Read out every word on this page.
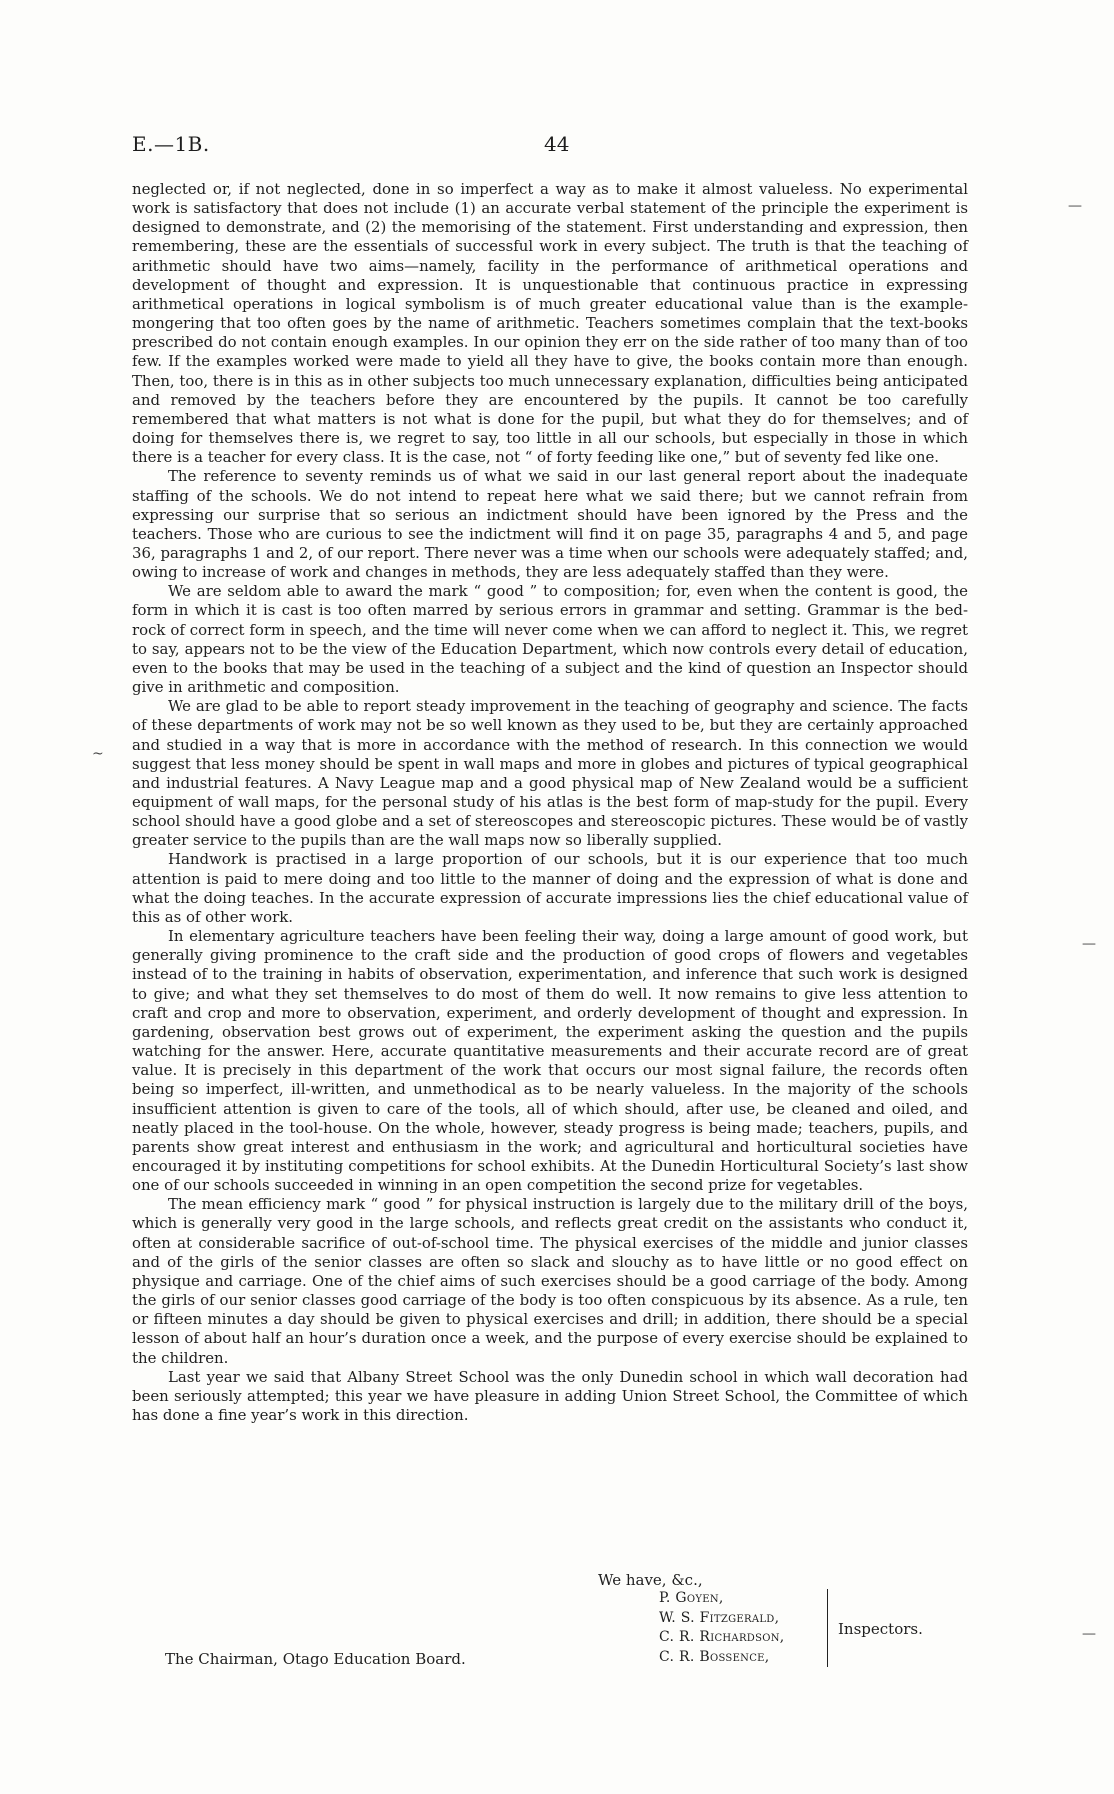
E.—1B.	44

neglected or, if not neglected, done in so imperfect a way as to make it almost valueless. No experimental work is satisfactory that does not include (1) an accurate verbal statement of the principle the experiment is designed to demonstrate, and (2) the memorising of the statement. First understanding and expression, then remembering, these are the essentials of successful work in every subject. The truth is that the teaching of arithmetic should have two aims—namely, facility in the performance of arithmetical operations and development of thought and expression. It is unquestionable that continuous practice in expressing arithmetical operations in logical symbolism is of much greater educational value than is the example-mongering that too often goes by the name of arithmetic. Teachers sometimes complain that the text-books prescribed do not contain enough examples. In our opinion they err on the side rather of too many than of too few. If the examples worked were made to yield all they have to give, the books contain more than enough. Then, too, there is in this as in other subjects too much unnecessary explanation, difficulties being anticipated and removed by the teachers before they are encountered by the pupils. It cannot be too carefully remembered that what matters is not what is done for the pupil, but what they do for themselves; and of doing for themselves there is, we regret to say, too little in all our schools, but especially in those in which there is a teacher for every class. It is the case, not “ of forty feeding like one,” but of seventy fed like one.

The reference to seventy reminds us of what we said in our last general report about the inadequate staffing of the schools. We do not intend to repeat here what we said there; but we cannot refrain from expressing our surprise that so serious an indictment should have been ignored by the Press and the teachers. Those who are curious to see the indictment will find it on page 35, paragraphs 4 and 5, and page 36, paragraphs 1 and 2, of our report. There never was a time when our schools were adequately staffed; and, owing to increase of work and changes in methods, they are less adequately staffed than they were.

We are seldom able to award the mark “ good ” to composition; for, even when the content is good, the form in which it is cast is too often marred by serious errors in grammar and setting. Grammar is the bed-rock of correct form in speech, and the time will never come when we can afford to neglect it. This, we regret to say, appears not to be the view of the Education Department, which now controls every detail of education, even to the books that may be used in the teaching of a subject and the kind of question an Inspector should give in arithmetic and composition.

We are glad to be able to report steady improvement in the teaching of geography and science. The facts of these departments of work may not be so well known as they used to be, but they are certainly approached and studied in a way that is more in accordance with the method of research. In this connection we would suggest that less money should be spent in wall maps and more in globes and pictures of typical geographical and industrial features. A Navy League map and a good physical map of New Zealand would be a sufficient equipment of wall maps, for the personal study of his atlas is the best form of map-study for the pupil. Every school should have a good globe and a set of stereoscopes and stereoscopic pictures. These would be of vastly greater service to the pupils than are the wall maps now so liberally supplied.

Handwork is practised in a large proportion of our schools, but it is our experience that too much attention is paid to mere doing and too little to the manner of doing and the expression of what is done and what the doing teaches. In the accurate expression of accurate impressions lies the chief educational value of this as of other work.

In elementary agriculture teachers have been feeling their way, doing a large amount of good work, but generally giving prominence to the craft side and the production of good crops of flowers and vegetables instead of to the training in habits of observation, experimentation, and inference that such work is designed to give; and what they set themselves to do most of them do well. It now remains to give less attention to craft and crop and more to observation, experiment, and orderly development of thought and expression. In gardening, observation best grows out of experiment, the experiment asking the question and the pupils watching for the answer. Here, accurate quantitative measurements and their accurate record are of great value. It is precisely in this department of the work that occurs our most signal failure, the records often being so imperfect, ill-written, and unmethodical as to be nearly valueless. In the majority of the schools insufficient attention is given to care of the tools, all of which should, after use, be cleaned and oiled, and neatly placed in the tool-house. On the whole, however, steady progress is being made; teachers, pupils, and parents show great interest and enthusiasm in the work; and agricultural and horticultural societies have encouraged it by instituting competitions for school exhibits. At the Dunedin Horticultural Society’s last show one of our schools succeeded in winning in an open competition the second prize for vegetables.

The mean efficiency mark “ good ” for physical instruction is largely due to the military drill of the boys, which is generally very good in the large schools, and reflects great credit on the assistants who conduct it, often at considerable sacrifice of out-of-school time. The physical exercises of the middle and junior classes and of the girls of the senior classes are often so slack and slouchy as to have little or no good effect on physique and carriage. One of the chief aims of such exercises should be a good carriage of the body. Among the girls of our senior classes good carriage of the body is too often conspicuous by its absence. As a rule, ten or fifteen minutes a day should be given to physical exercises and drill; in addition, there should be a special lesson of about half an hour’s duration once a week, and the purpose of every exercise should be explained to the children.

Last year we said that Albany Street School was the only Dunedin school in which wall decoration had been seriously attempted; this year we have pleasure in adding Union Street School, the Committee of which has done a fine year’s work in this direction.

We have, &c.,
P. Goyen,
W. S. Fitzgerald,
C. R. Richardson,
C. R. Bossence,
Inspectors.
The Chairman, Otago Education Board.
—
~
—
—
